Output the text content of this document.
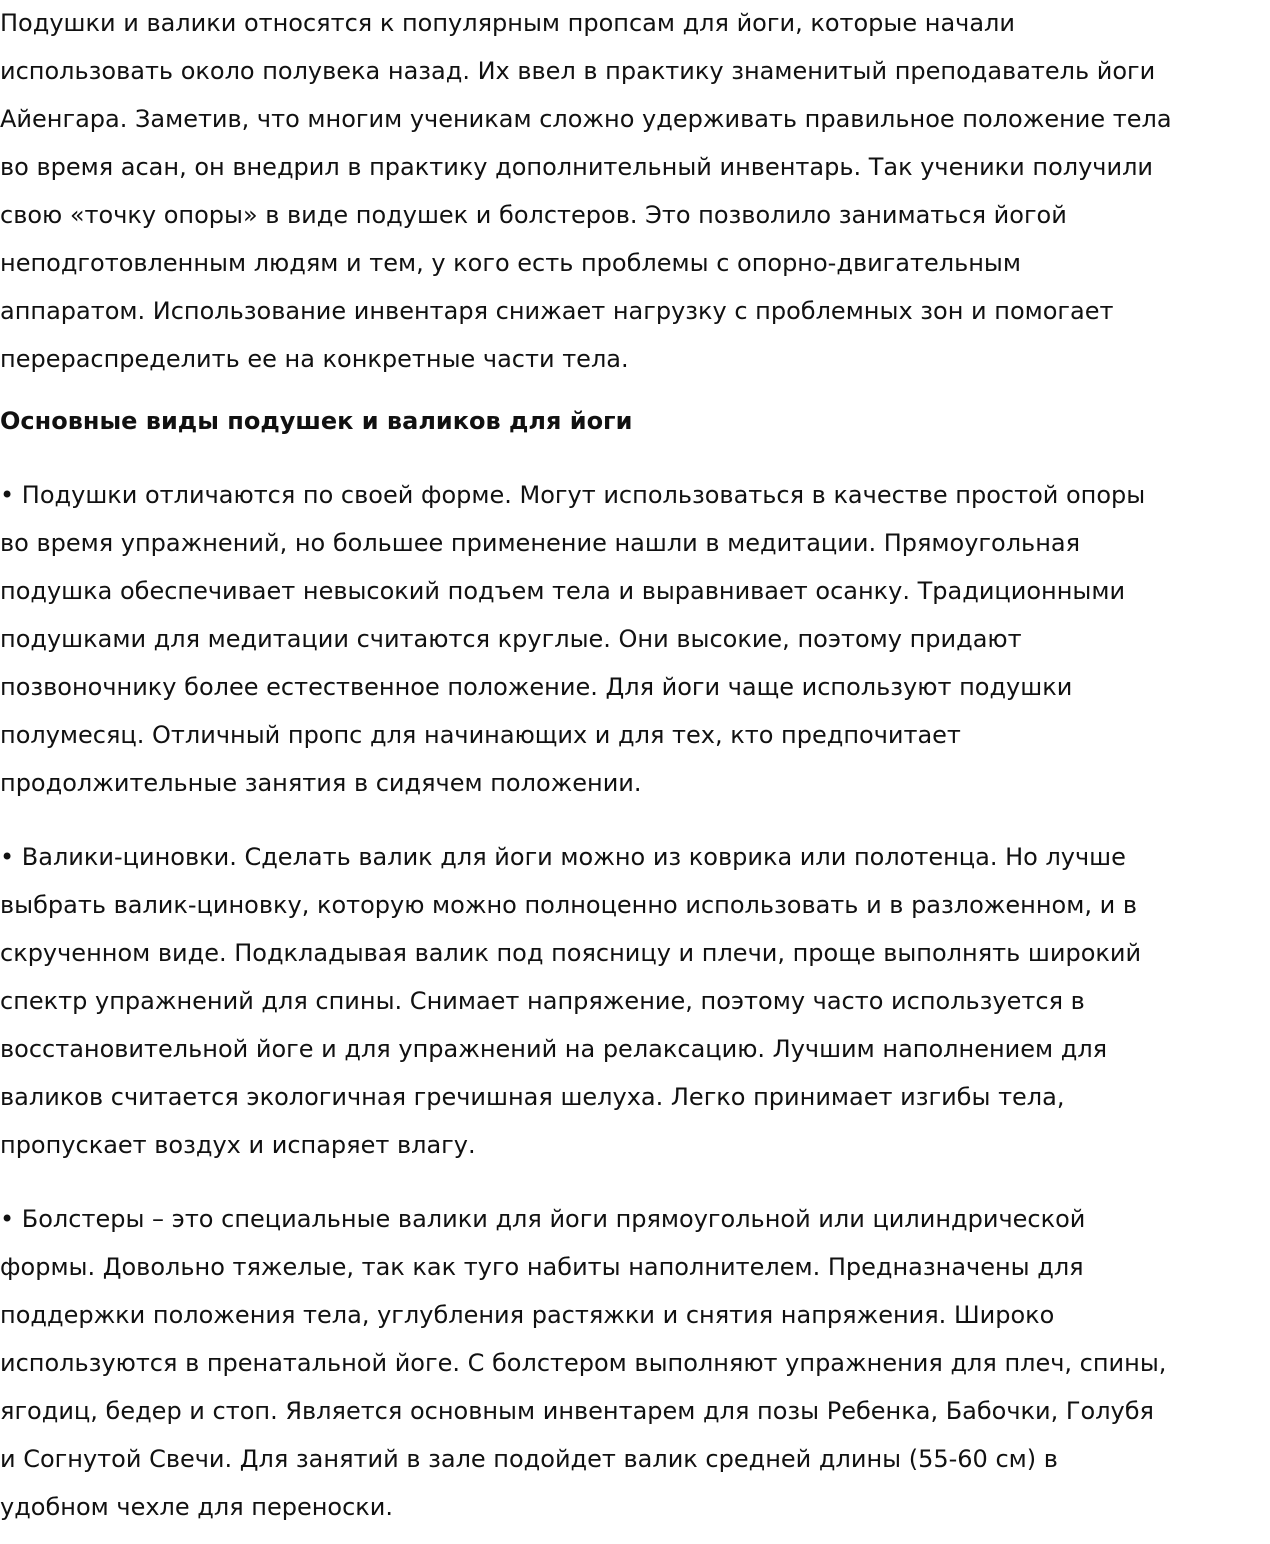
Подушки и валики относятся к популярным пропсам для йоги, которые начали
использовать около полувека назад. Их ввел в практику знаменитый преподаватель йоги
Айенгара. Заметив, что многим ученикам сложно удерживать правильное положение тела
во время асан, он внедрил в практику дополнительный инвентарь. Так ученики получили
свою «точку опоры» в виде подушек и болстеров. Это позволило заниматься йогой
неподготовленным людям и тем, у кого есть проблемы с опорно-двигательным
аппаратом. Использование инвентаря снижает нагрузку с проблемных зон и помогает
перераспределить ее на конкретные части тела.

Основные виды подушек и валиков для йоги

• Подушки отличаются по своей форме. Могут использоваться в качестве простой опоры
во время упражнений, но большее применение нашли в медитации. Прямоугольная
подушка обеспечивает невысокий подъем тела и выравнивает осанку. Традиционными
подушками для медитации считаются круглые. Они высокие, поэтому придают
позвоночнику более естественное положение. Для йоги чаще используют подушки
полумесяц. Отличный пропс для начинающих и для тех, кто предпочитает
продолжительные занятия в сидячем положении.

• Валики-циновки. Сделать валик для йоги можно из коврика или полотенца. Но лучше
выбрать валик-циновку, которую можно полноценно использовать и в разложенном, и в
скрученном виде. Подкладывая валик под поясницу и плечи, проще выполнять широкий
спектр упражнений для спины. Снимает напряжение, поэтому часто используется в
восстановительной йоге и для упражнений на релаксацию. Лучшим наполнением для
валиков считается экологичная гречишная шелуха. Легко принимает изгибы тела,
пропускает воздух и испаряет влагу.

• Болстеры – это специальные валики для йоги прямоугольной или цилиндрической
формы. Довольно тяжелые, так как туго набиты наполнителем. Предназначены для
поддержки положения тела, углубления растяжки и снятия напряжения. Широко
используются в пренатальной йоге. С болстером выполняют упражнения для плеч, спины,
ягодиц, бедер и стоп. Является основным инвентарем для позы Ребенка, Бабочки, Голубя
и Согнутой Свечи. Для занятий в зале подойдет валик средней длины (55-60 см) в
удобном чехле для переноски.
